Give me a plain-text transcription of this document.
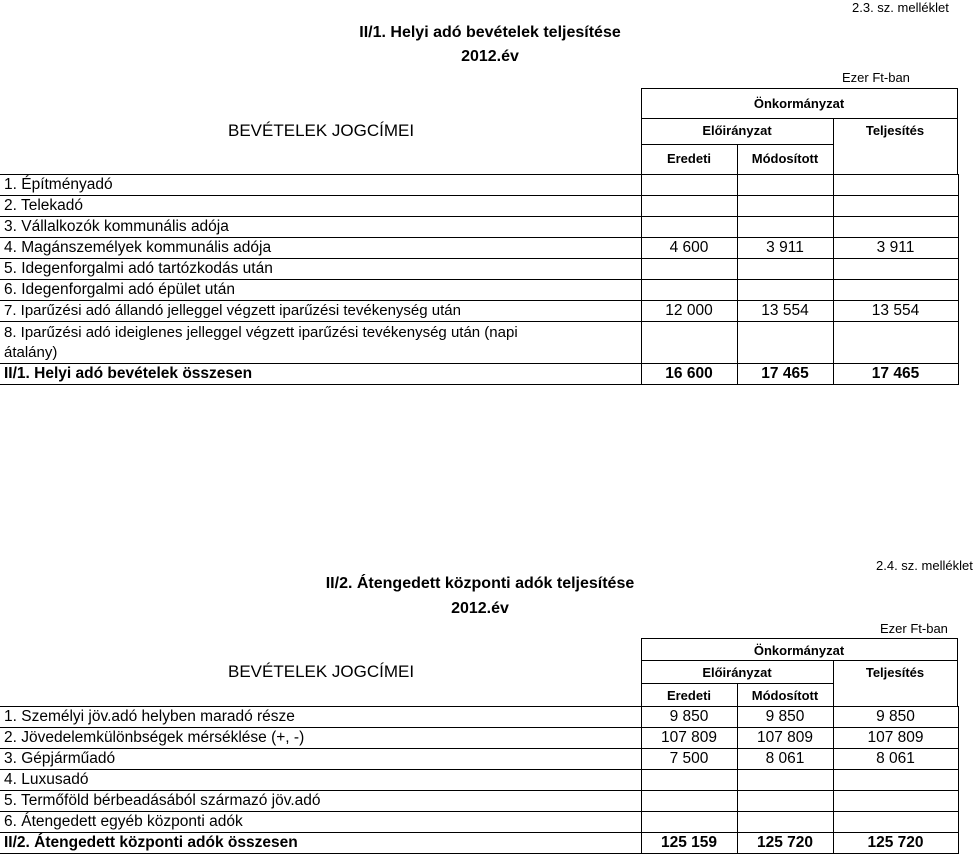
2.3. sz. melléklet
II/1. Helyi adó bevételek teljesítése
2012.év
Ezer Ft-ban
Önkormányzat
BEVÉTELEK JOGCÍMEI	Előirányzat	Teljesítés
Eredeti	Módosított
1. Építményadó			
2. Telekadó			
3. Vállalkozók kommunális adója			
4. Magánszemélyek kommunális adója	4 600	3 911	3 911
5. Idegenforgalmi adó tartózkodás után			
6. Idegenforgalmi adó épület után			
7. Iparűzési adó állandó jelleggel végzett iparűzési tevékenység után	12 000	13 554	13 554
8. Iparűzési adó ideiglenes jelleggel végzett iparűzési tevékenység után (napi átalány)			
II/1. Helyi adó bevételek összesen	16 600	17 465	17 465
2.4. sz. melléklet
II/2. Átengedett központi adók teljesítése
2012.év
Ezer Ft-ban
Önkormányzat
BEVÉTELEK JOGCÍMEI	Előirányzat	Teljesítés
Eredeti	Módosított
1. Személyi jöv.adó helyben maradó része	9 850	9 850	9 850
2. Jövedelemkülönbségek mérséklése (+, -)	107 809	107 809	107 809
3. Gépjárműadó	7 500	8 061	8 061
4. Luxusadó			
5. Termőföld bérbeadásából származó jöv.adó			
6. Átengedett egyéb központi adók			
II/2. Átengedett központi adók összesen	125 159	125 720	125 720
